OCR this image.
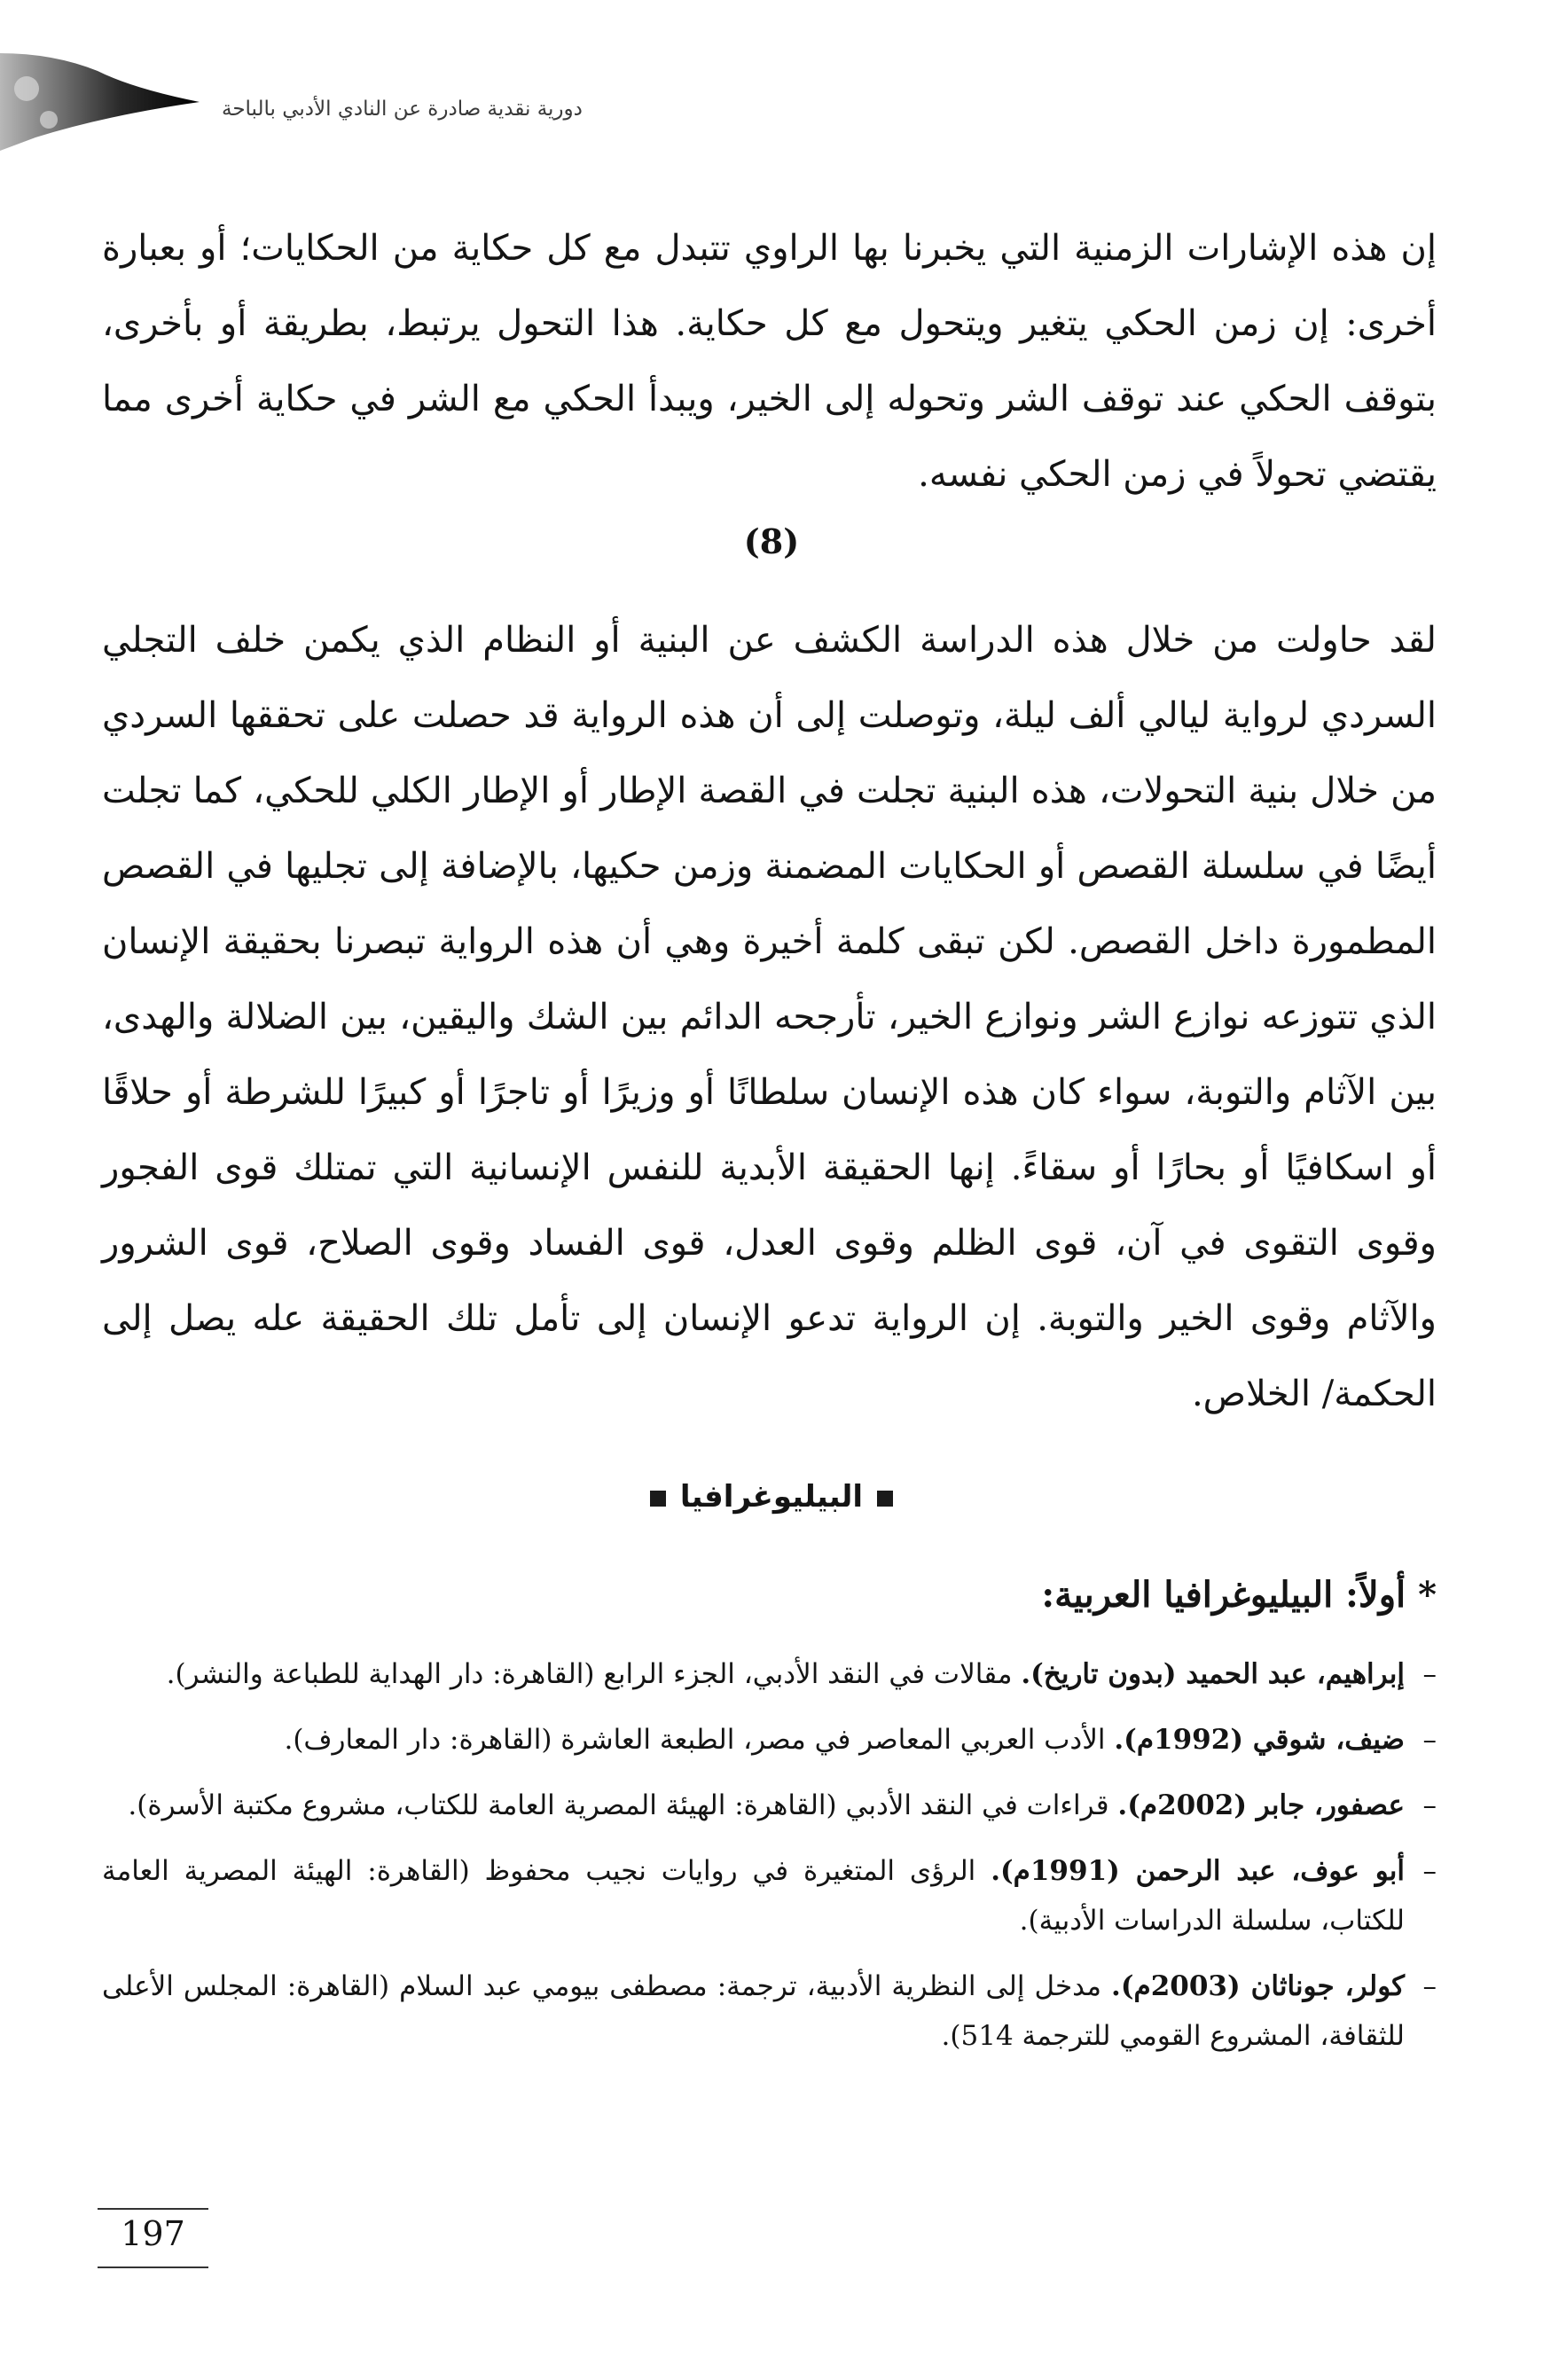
دورية نقدية صادرة عن النادي الأدبي بالباحة

إن هذه الإشارات الزمنية التي يخبرنا بها الراوي تتبدل مع كل حكاية من الحكايات؛ أو بعبارة أخرى: إن زمن الحكي يتغير ويتحول مع كل حكاية. هذا التحول يرتبط، بطريقة أو بأخرى، بتوقف الحكي عند توقف الشر وتحوله إلى الخير، ويبدأ الحكي مع الشر في حكاية أخرى مما يقتضي تحولاً في زمن الحكي نفسه.

(8)

لقد حاولت من خلال هذه الدراسة الكشف عن البنية أو النظام الذي يكمن خلف التجلي السردي لرواية ليالي ألف ليلة، وتوصلت إلى أن هذه الرواية قد حصلت على تحققها السردي من خلال بنية التحولات، هذه البنية تجلت في القصة الإطار أو الإطار الكلي للحكي، كما تجلت أيضًا في سلسلة القصص أو الحكايات المضمنة وزمن حكيها، بالإضافة إلى تجليها في القصص المطمورة داخل القصص. لكن تبقى كلمة أخيرة وهي أن هذه الرواية تبصرنا بحقيقة الإنسان الذي تتوزعه نوازع الشر ونوازع الخير، تأرجحه الدائم بين الشك واليقين، بين الضلالة والهدى، بين الآثام والتوبة، سواء كان هذه الإنسان سلطانًا أو وزيرًا أو تاجرًا أو كبيرًا للشرطة أو حلاقًا أو اسكافيًا أو بحارًا أو سقاءً. إنها الحقيقة الأبدية للنفس الإنسانية التي تمتلك قوى الفجور وقوى التقوى في آن، قوى الظلم وقوى العدل، قوى الفساد وقوى الصلاح، قوى الشرور والآثام وقوى الخير والتوبة. إن الرواية تدعو الإنسان إلى تأمل تلك الحقيقة عله يصل إلى الحكمة/ الخلاص.

البيليوغرافيا
* أولاً: البيليوغرافيا العربية:
– إبراهيم، عبد الحميد (بدون تاريخ). مقالات في النقد الأدبي، الجزء الرابع (القاهرة: دار الهداية للطباعة والنشر).
– ضيف، شوقي (1992م). الأدب العربي المعاصر في مصر، الطبعة العاشرة (القاهرة: دار المعارف).
– عصفور، جابر (2002م). قراءات في النقد الأدبي (القاهرة: الهيئة المصرية العامة للكتاب، مشروع مكتبة الأسرة).
– أبو عوف، عبد الرحمن (1991م). الرؤى المتغيرة في روايات نجيب محفوظ (القاهرة: الهيئة المصرية العامة للكتاب، سلسلة الدراسات الأدبية).
– كولر، جوناثان (2003م). مدخل إلى النظرية الأدبية، ترجمة: مصطفى بيومي عبد السلام (القاهرة: المجلس الأعلى للثقافة، المشروع القومي للترجمة 514).
197
